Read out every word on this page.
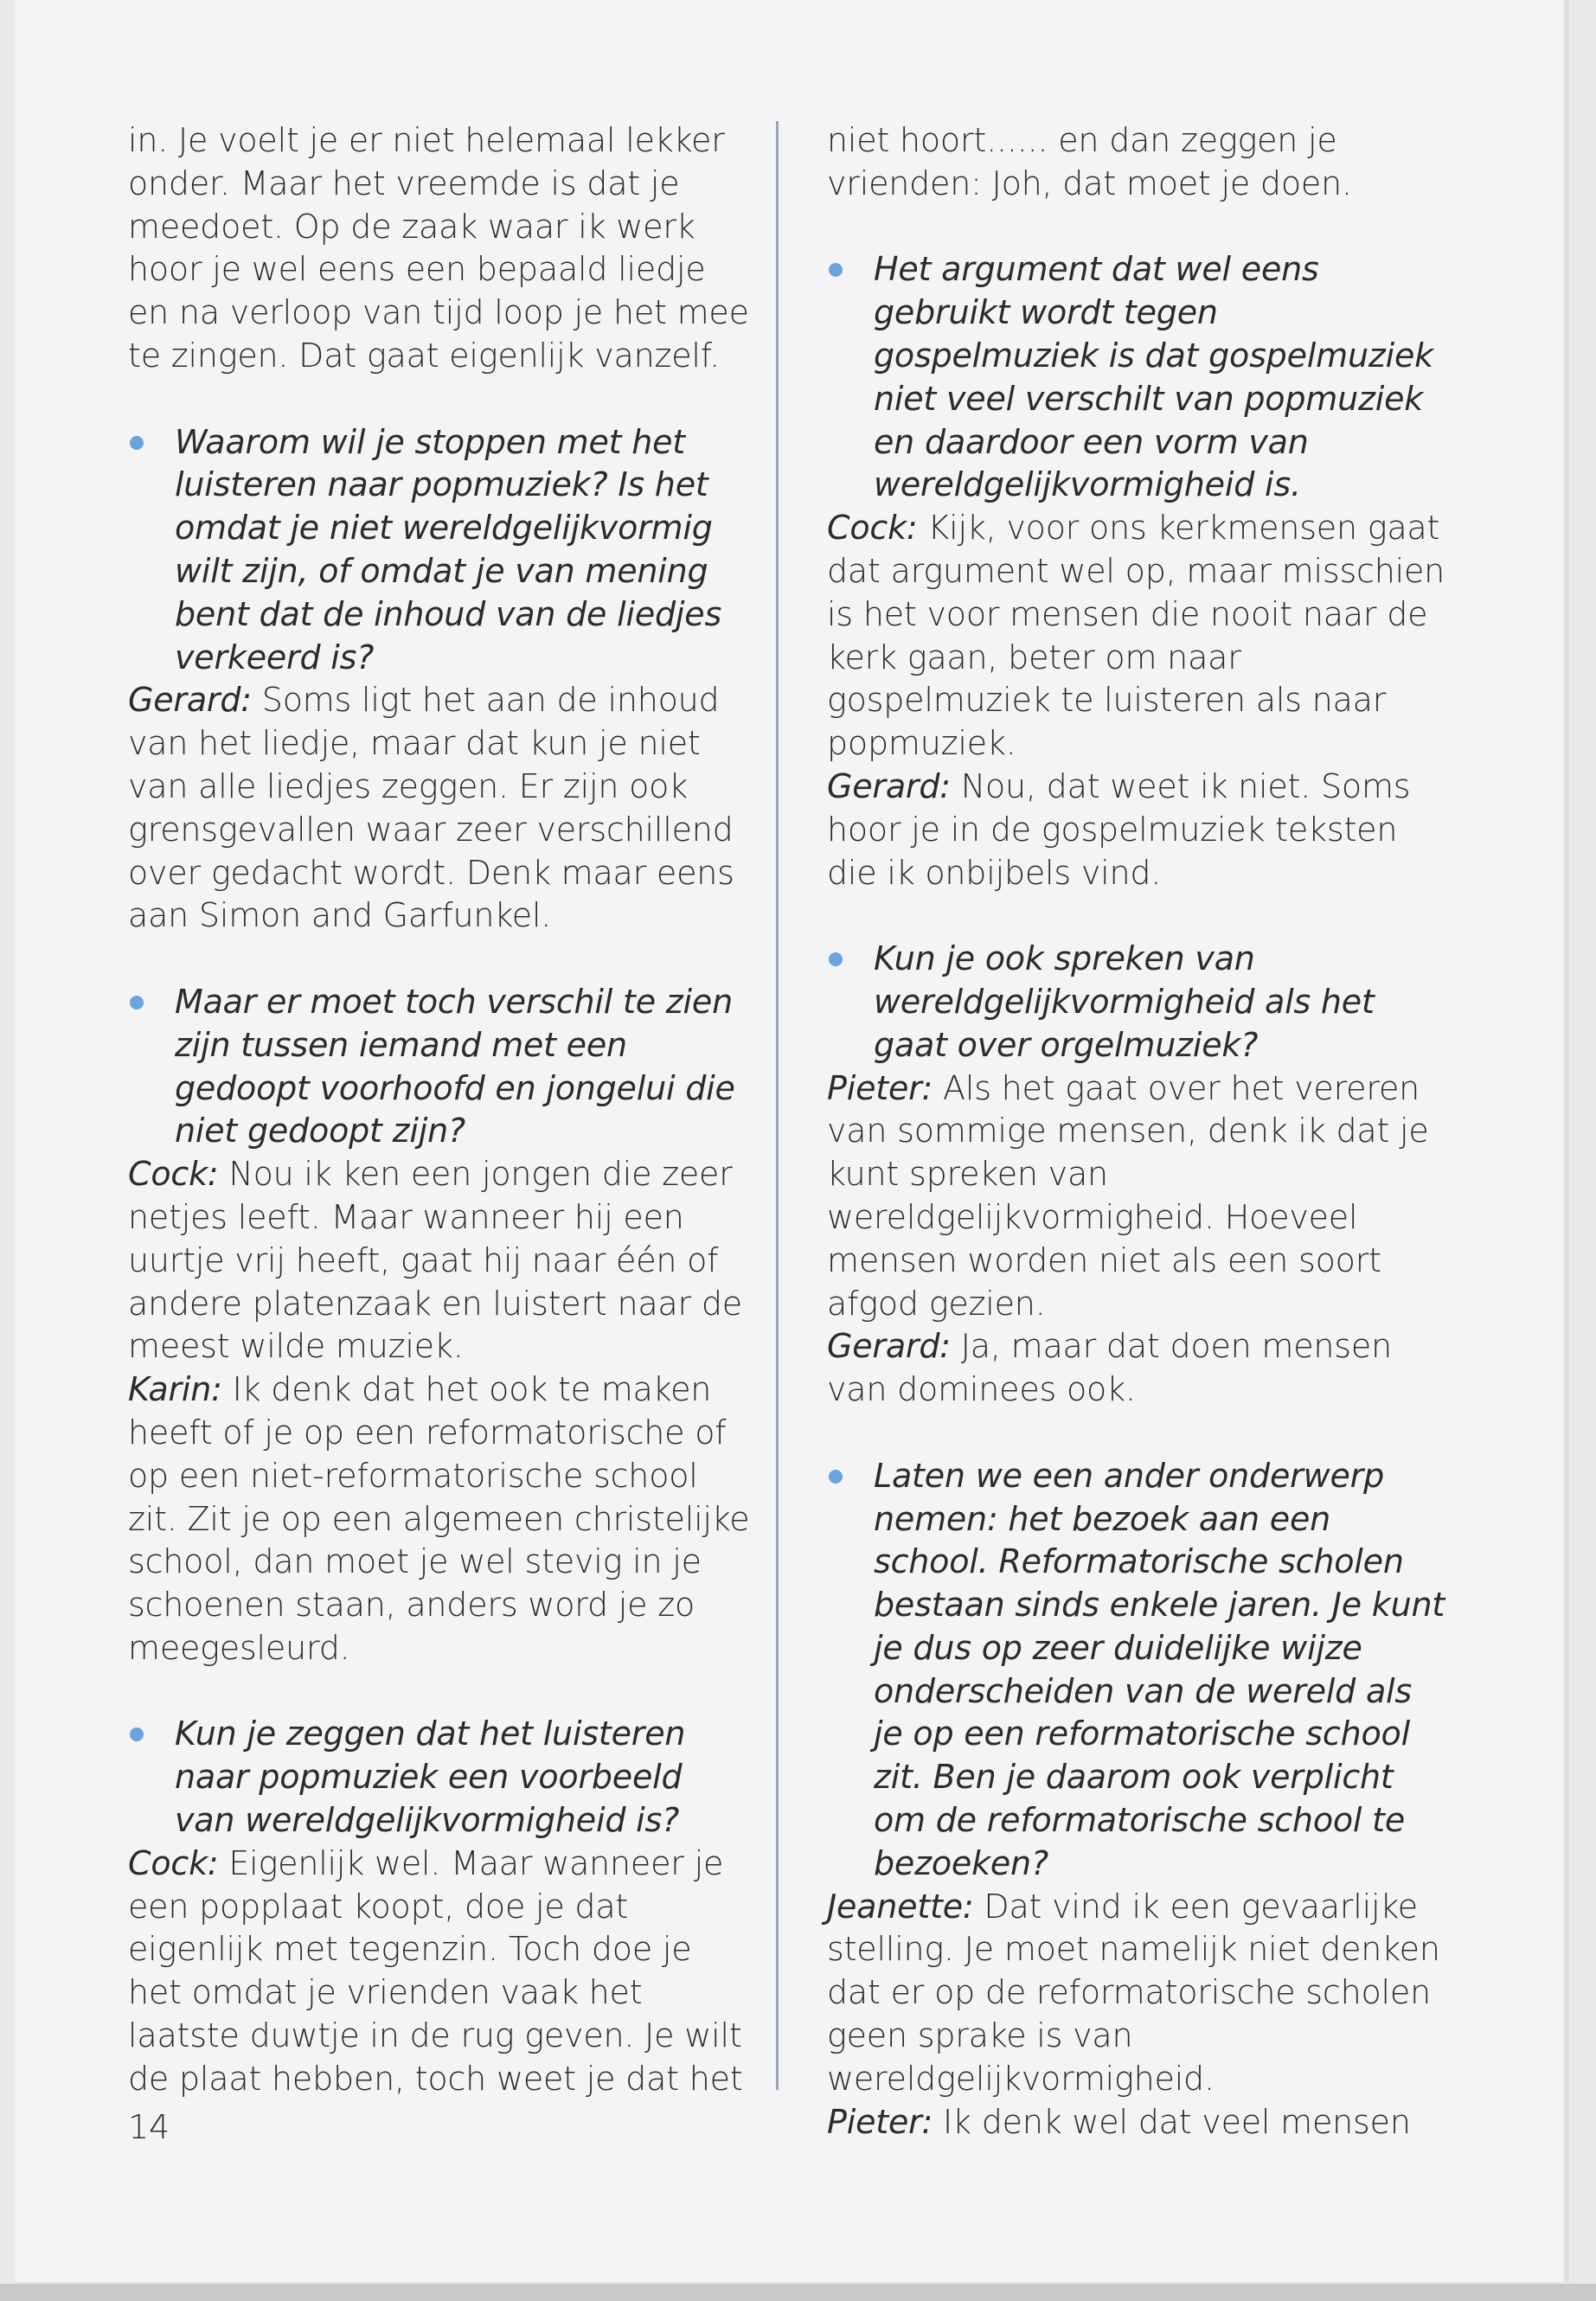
in. Je voelt je er niet helemaal lekker onder. Maar het vreemde is dat je meedoet. Op de zaak waar ik werk hoor je wel eens een bepaald liedje en na verloop van tijd loop je het mee te zingen. Dat gaat eigenlijk vanzelf.

Waarom wil je stoppen met het luisteren naar popmuziek? Is het omdat je niet wereldgelijkvormig wilt zijn, of omdat je van mening bent dat de inhoud van de liedjes verkeerd is?

Gerard: Soms ligt het aan de inhoud van het liedje, maar dat kun je niet van alle liedjes zeggen. Er zijn ook grensgevallen waar zeer verschillend over gedacht wordt. Denk maar eens aan Simon and Garfunkel.

Maar er moet toch verschil te zien zijn tussen iemand met een gedoopt voorhoofd en jongelui die niet gedoopt zijn?

Cock: Nou ik ken een jongen die zeer netjes leeft. Maar wanneer hij een uurtje vrij heeft, gaat hij naar één of andere platenzaak en luistert naar de meest wilde muziek.

Karin: Ik denk dat het ook te maken heeft of je op een reformatorische of op een niet-reformatorische school zit. Zit je op een algemeen christelijke school, dan moet je wel stevig in je schoenen staan, anders word je zo meegesleurd.

Kun je zeggen dat het luisteren naar popmuziek een voorbeeld van wereldgelijkvormigheid is?

Cock: Eigenlijk wel. Maar wanneer je een popplaat koopt, doe je dat eigenlijk met tegenzin. Toch doe je het omdat je vrienden vaak het laatste duwtje in de rug geven. Je wilt de plaat hebben, toch weet je dat het

niet hoort...... en dan zeggen je vrienden: Joh, dat moet je doen.

Het argument dat wel eens gebruikt wordt tegen gospelmuziek is dat gospelmuziek niet veel verschilt van popmuziek en daardoor een vorm van wereldgelijkvormigheid is.

Cock: Kijk, voor ons kerkmensen gaat dat argument wel op, maar misschien is het voor mensen die nooit naar de kerk gaan, beter om naar gospelmuziek te luisteren als naar popmuziek.

Gerard: Nou, dat weet ik niet. Soms hoor je in de gospelmuziek teksten die ik onbijbels vind.

Kun je ook spreken van wereldgelijkvormigheid als het gaat over orgelmuziek?

Pieter: Als het gaat over het vereren van sommige mensen, denk ik dat je kunt spreken van wereldgelijkvormigheid. Hoeveel mensen worden niet als een soort afgod gezien.

Gerard: Ja, maar dat doen mensen van dominees ook.

Laten we een ander onderwerp nemen: het bezoek aan een school. Reformatorische scholen bestaan sinds enkele jaren. Je kunt je dus op zeer duidelijke wijze onderscheiden van de wereld als je op een reformatorische school zit. Ben je daarom ook verplicht om de reformatorische school te bezoeken?

Jeanette: Dat vind ik een gevaarlijke stelling. Je moet namelijk niet denken dat er op de reformatorische scholen geen sprake is van wereldgelijkvormigheid.

Pieter: Ik denk wel dat veel mensen

14
